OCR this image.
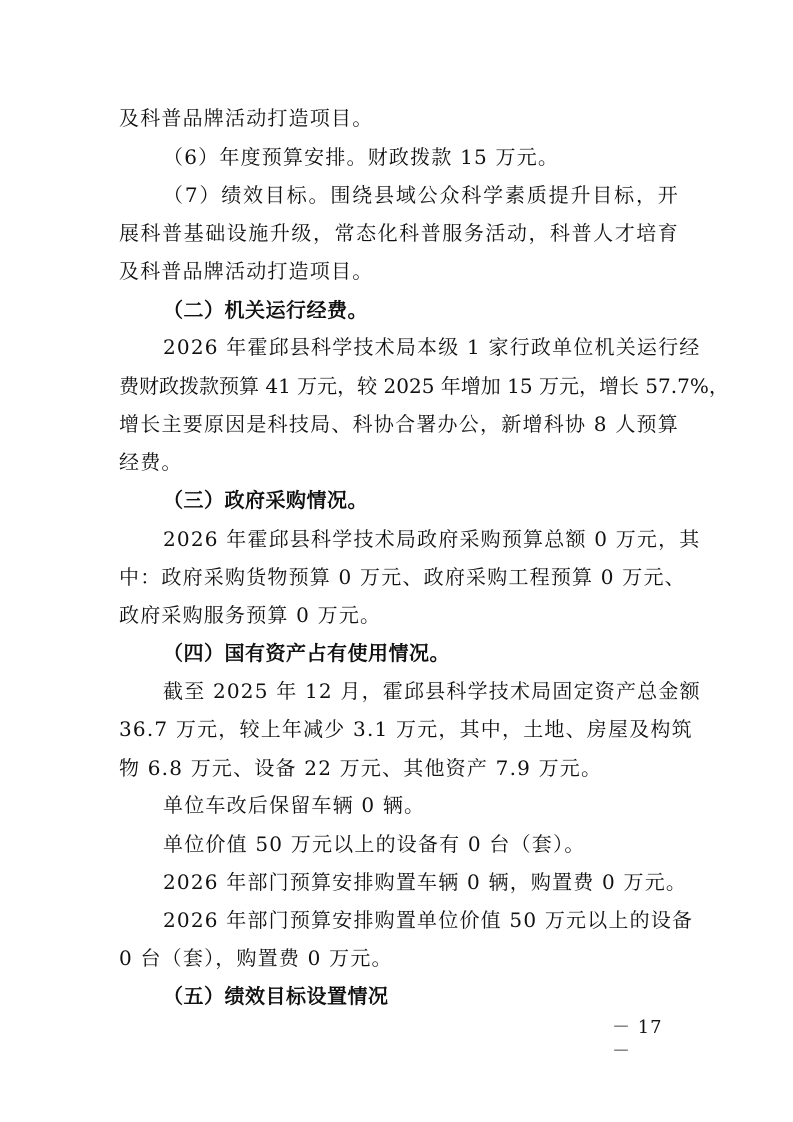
及科普品牌活动打造项目。
（6）年度预算安排。财政拨款 15 万元。
（7）绩效目标。围绕县域公众科学素质提升目标，开
展科普基础设施升级，常态化科普服务活动，科普人才培育
及科普品牌活动打造项目。
（二）机关运行经费。
2026 年霍邱县科学技术局本级 1 家行政单位机关运行经
费财政拨款预算 41 万元，较 2025 年增加 15 万元，增长 57.7%，
增长主要原因是科技局、科协合署办公，新增科协 8 人预算
经费。
（三）政府采购情况。
2026 年霍邱县科学技术局政府采购预算总额 0 万元，其
中：政府采购货物预算 0 万元、政府采购工程预算 0 万元、
政府采购服务预算 0 万元。
（四）国有资产占有使用情况。
截至 2025 年 12 月，霍邱县科学技术局固定资产总金额
36.7 万元，较上年减少 3.1 万元，其中，土地、房屋及构筑
物 6.8 万元、设备 22 万元、其他资产 7.9 万元。
单位车改后保留车辆 0 辆。
单位价值 50 万元以上的设备有 0 台（套）。
2026 年部门预算安排购置车辆 0 辆，购置费 0 万元。
2026 年部门预算安排购置单位价值 50 万元以上的设备
0 台（套），购置费 0 万元。
（五）绩效目标设置情况
－ 17 －
